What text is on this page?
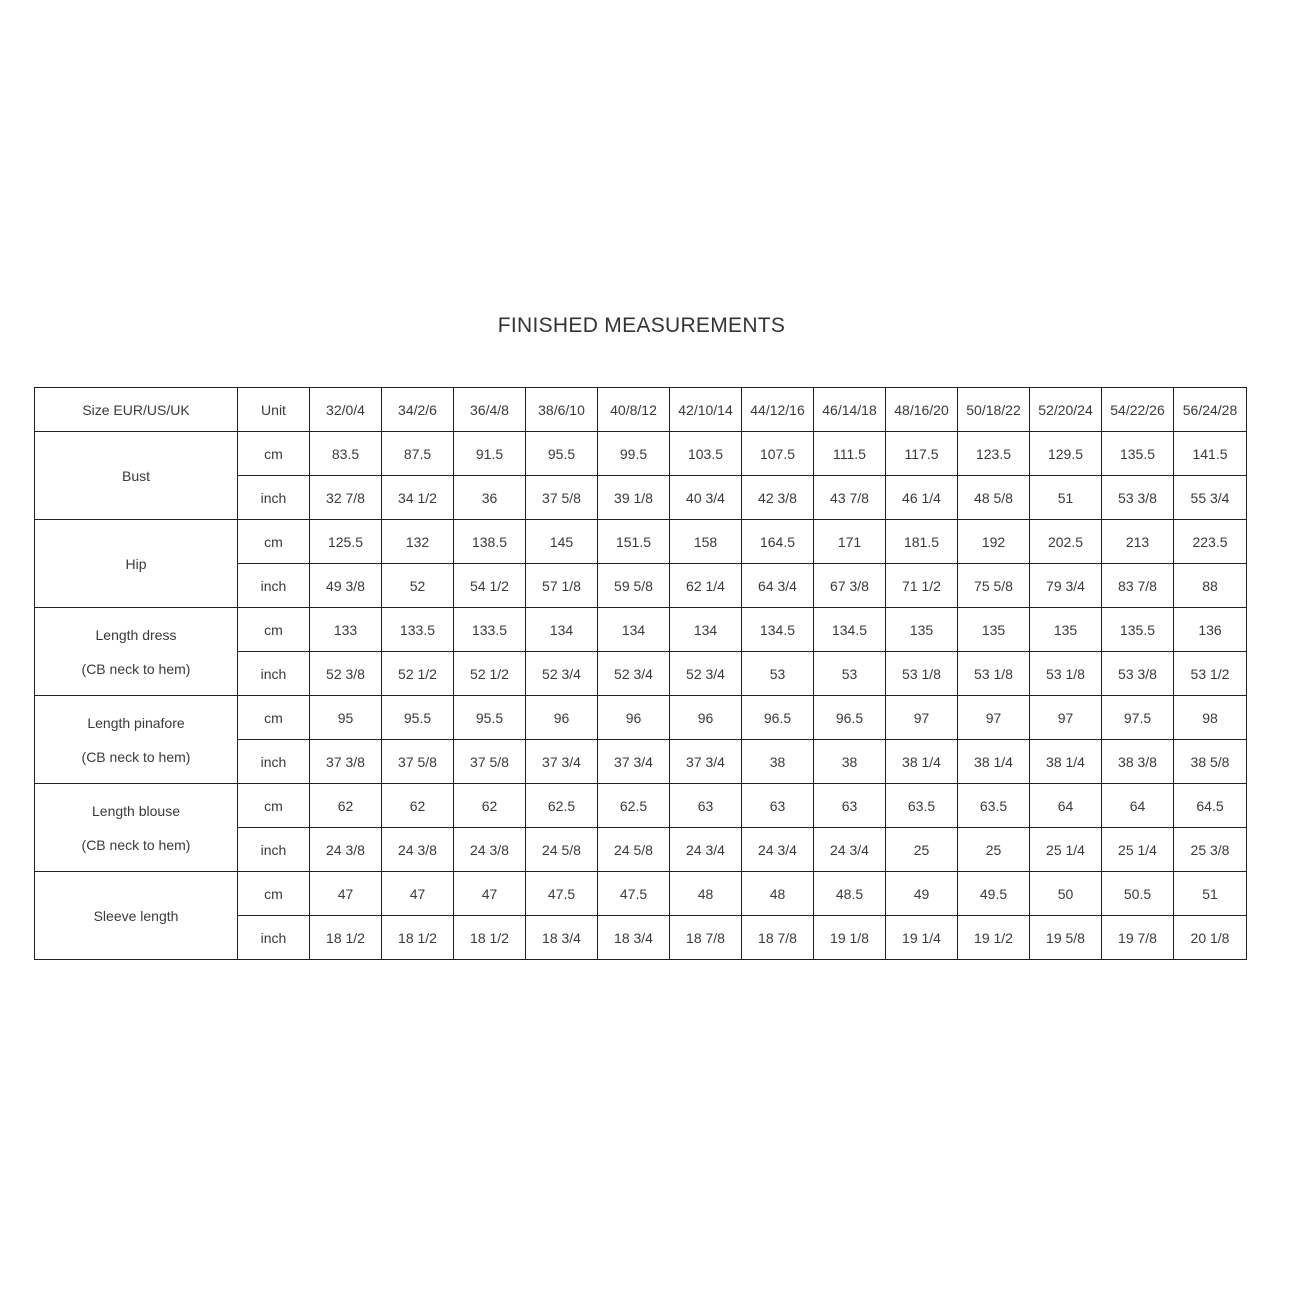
FINISHED MEASUREMENTS
Size EUR/US/UK	Unit	32/0/4	34/2/6	36/4/8	38/6/10	40/8/12	42/10/14	44/12/16	46/14/18	48/16/20	50/18/22	52/20/24	54/22/26	56/24/28

Bust	cm	83.5	87.5	91.5	95.5	99.5	103.5	107.5	111.5	117.5	123.5	129.5	135.5	141.5
	inch	32 7/8	34 1/2	36	37 5/8	39 1/8	40 3/4	42 3/8	43 7/8	46 1/4	48 5/8	51	53 3/8	55 3/4

Hip	cm	125.5	132	138.5	145	151.5	158	164.5	171	181.5	192	202.5	213	223.5
	inch	49 3/8	52	54 1/2	57 1/8	59 5/8	62 1/4	64 3/4	67 3/8	71 1/2	75 5/8	79 3/4	83 7/8	88

Length dress
(CB neck to hem)	cm	133	133.5	133.5	134	134	134	134.5	134.5	135	135	135	135.5	136
	inch	52 3/8	52 1/2	52 1/2	52 3/4	52 3/4	52 3/4	53	53	53 1/8	53 1/8	53 1/8	53 3/8	53 1/2

Length pinafore
(CB neck to hem)	cm	95	95.5	95.5	96	96	96	96.5	96.5	97	97	97	97.5	98
	inch	37 3/8	37 5/8	37 5/8	37 3/4	37 3/4	37 3/4	38	38	38 1/4	38 1/4	38 1/4	38 3/8	38 5/8

Length blouse
(CB neck to hem)	cm	62	62	62	62.5	62.5	63	63	63	63.5	63.5	64	64	64.5
	inch	24 3/8	24 3/8	24 3/8	24 5/8	24 5/8	24 3/4	24 3/4	24 3/4	25	25	25 1/4	25 1/4	25 3/8

Sleeve length	cm	47	47	47	47.5	47.5	48	48	48.5	49	49.5	50	50.5	51
	inch	18 1/2	18 1/2	18 1/2	18 3/4	18 3/4	18 7/8	18 7/8	19 1/8	19 1/4	19 1/2	19 5/8	19 7/8	20 1/8
